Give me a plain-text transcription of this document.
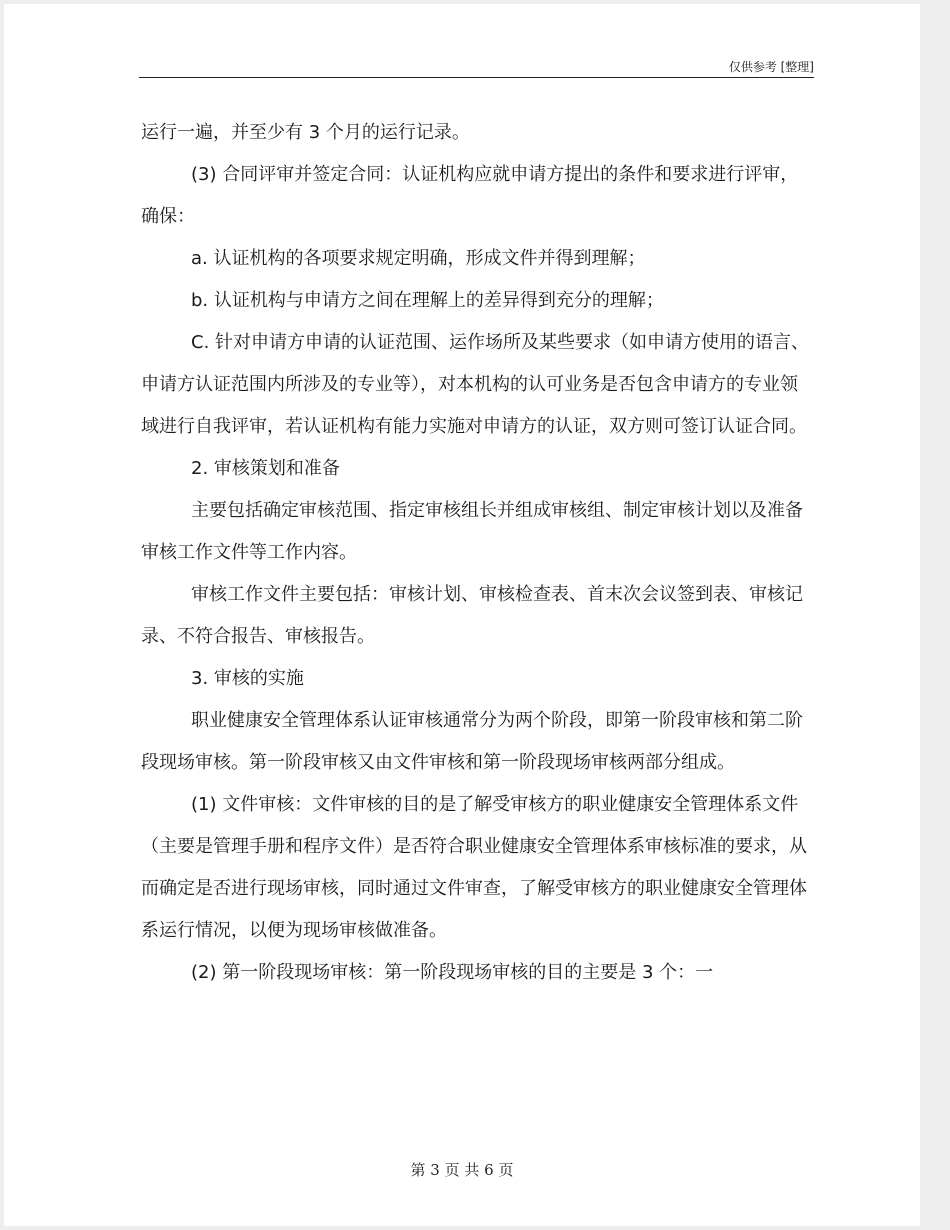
仅供参考 [整理]

运行一遍，并至少有 3 个月的运行记录。

(3) 合同评审并签定合同：认证机构应就申请方提出的条件和要求进行评审，确保：

a. 认证机构的各项要求规定明确，形成文件并得到理解；

b. 认证机构与申请方之间在理解上的差异得到充分的理解；

C. 针对申请方申请的认证范围、运作场所及某些要求（如申请方使用的语言、申请方认证范围内所涉及的专业等），对本机构的认可业务是否包含申请方的专业领域进行自我评审，若认证机构有能力实施对申请方的认证，双方则可签订认证合同。

2. 审核策划和准备

主要包括确定审核范围、指定审核组长并组成审核组、制定审核计划以及准备审核工作文件等工作内容。

审核工作文件主要包括：审核计划、审核检查表、首末次会议签到表、审核记录、不符合报告、审核报告。

3. 审核的实施

职业健康安全管理体系认证审核通常分为两个阶段，即第一阶段审核和第二阶段现场审核。第一阶段审核又由文件审核和第一阶段现场审核两部分组成。

(1) 文件审核：文件审核的目的是了解受审核方的职业健康安全管理体系文件（主要是管理手册和程序文件）是否符合职业健康安全管理体系审核标准的要求，从而确定是否进行现场审核，同时通过文件审查，了解受审核方的职业健康安全管理体系运行情况，以便为现场审核做准备。

(2) 第一阶段现场审核：第一阶段现场审核的目的主要是 3 个：一

第 3 页 共 6 页
